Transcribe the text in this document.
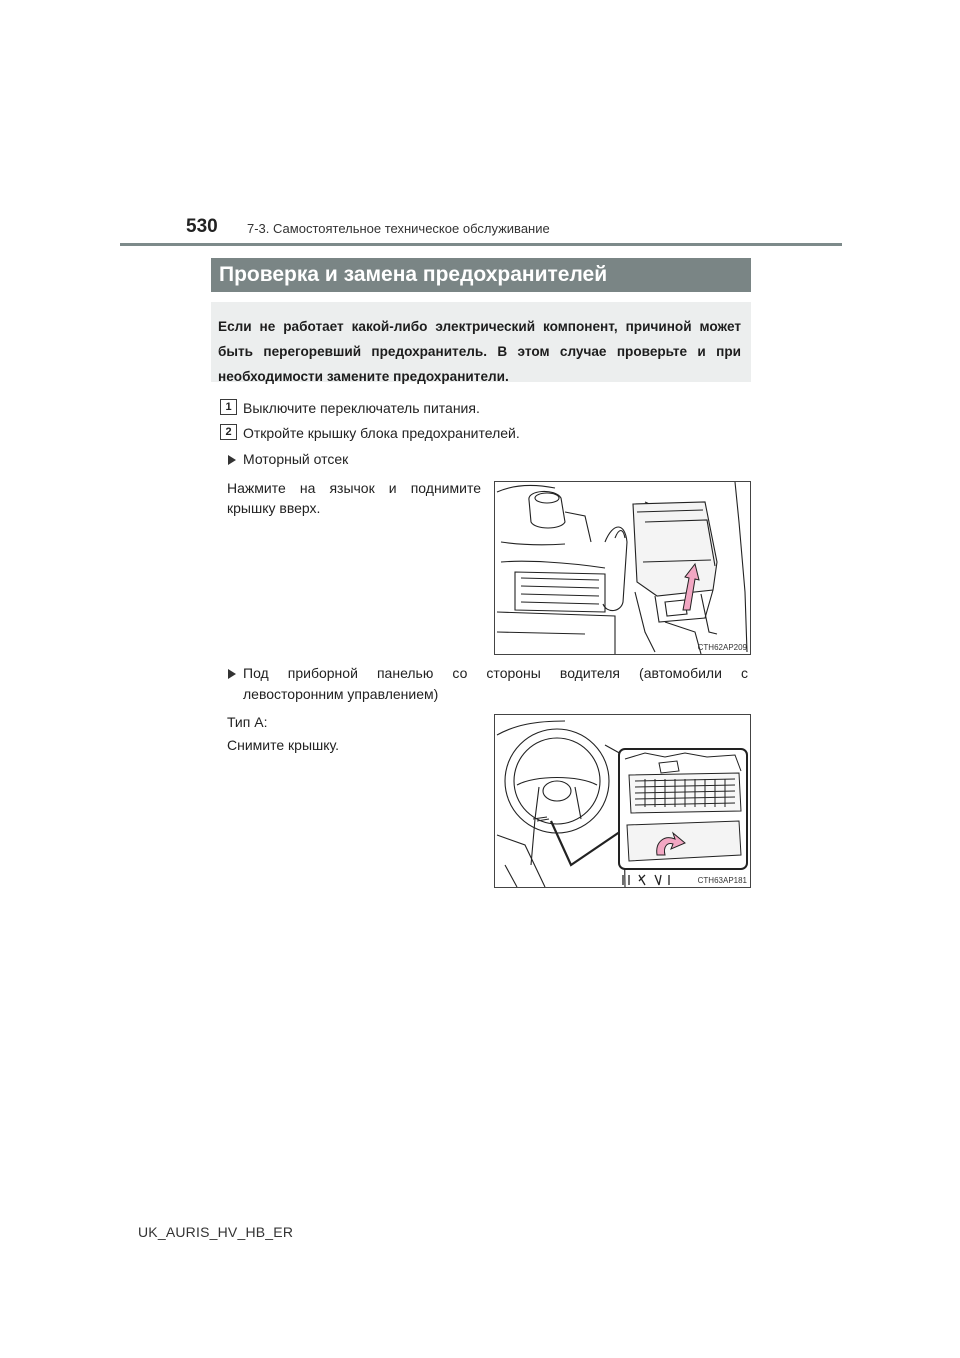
530 7-3. Самостоятельное техническое обслуживание
Проверка и замена предохранителей
Если не работает какой-либо электрический компонент, причиной может быть перегоревший предохранитель. В этом случае проверьте и при необходимости замените предохранители.
1 Выключите переключатель питания.
2 Откройте крышку блока предохранителей.
Моторный отсек
Нажмите на язычок и поднимите
крышку вверх.
CTH62AP209
Под приборной панелью со стороны водителя (автомобили с
левосторонним управлением)
Тип A:
Снимите крышку.
CTH63AP181
UK_AURIS_HV_HB_ER
